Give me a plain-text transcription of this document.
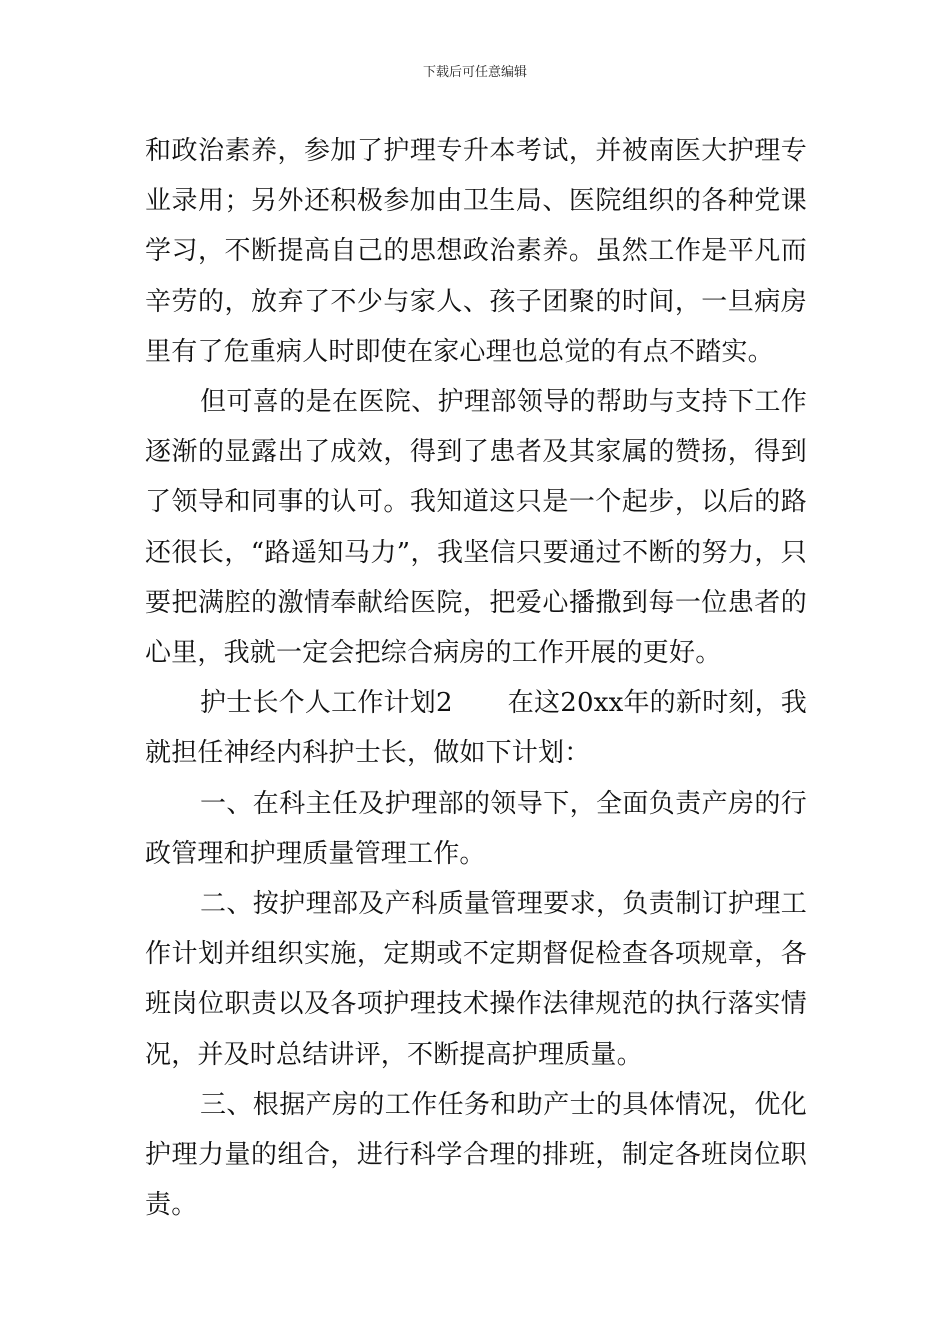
下载后可任意编辑

和政治素养，参加了护理专升本考试，并被南医大护理专业录用；另外还积极参加由卫生局、医院组织的各种党课学习，不断提高自己的思想政治素养。虽然工作是平凡而辛劳的，放弃了不少与家人、孩子团聚的时间，一旦病房里有了危重病人时即使在家心理也总觉的有点不踏实。

但可喜的是在医院、护理部领导的帮助与支持下工作逐渐的显露出了成效，得到了患者及其家属的赞扬，得到了领导和同事的认可。我知道这只是一个起步，以后的路还很长，“路遥知马力”，我坚信只要通过不断的努力，只要把满腔的激情奉献给医院，把爱心播撒到每一位患者的心里，我就一定会把综合病房的工作开展的更好。

护士长个人工作计划2 在这20xx年的新时刻，我就担任神经内科护士长，做如下计划：

一、在科主任及护理部的领导下，全面负责产房的行政管理和护理质量管理工作。

二、按护理部及产科质量管理要求，负责制订护理工作计划并组织实施，定期或不定期督促检查各项规章，各班岗位职责以及各项护理技术操作法律规范的执行落实情况，并及时总结讲评，不断提高护理质量。

三、根据产房的工作任务和助产士的具体情况，优化护理力量的组合，进行科学合理的排班，制定各班岗位职责。
